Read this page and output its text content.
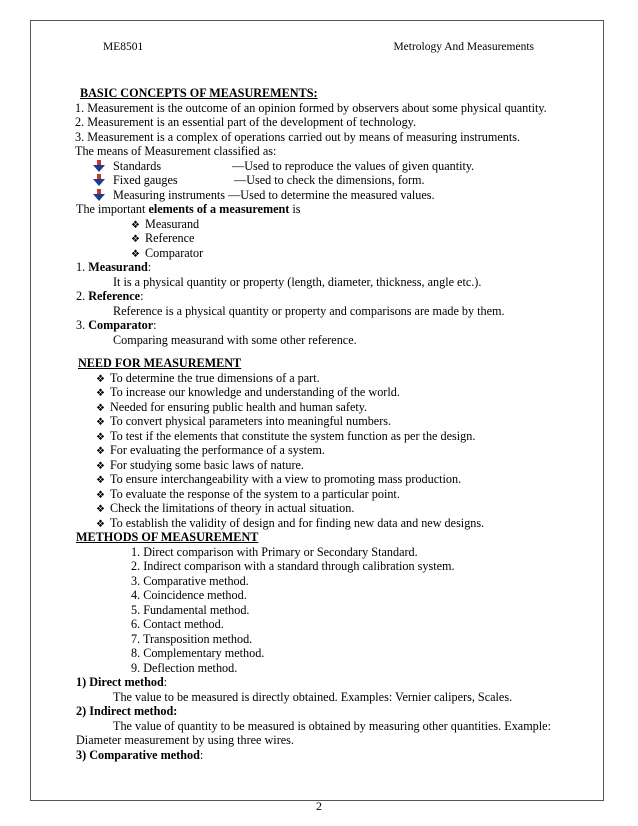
ME8501	Metrology And Measurements
BASIC CONCEPTS OF MEASUREMENTS:
1. Measurement is the outcome of an opinion formed by observers about some physical quantity.
2. Measurement is an essential part of the development of technology.
3. Measurement is a complex of operations carried out by means of measuring instruments.
The means of Measurement classified as:
Standards	—Used to reproduce the values of given quantity.
Fixed gauges	—Used to check the dimensions, form.
Measuring instruments —Used to determine the measured values.
The important elements of a measurement is
❖ Measurand
❖ Reference
❖ Comparator
1. Measurand:
It is a physical quantity or property (length, diameter, thickness, angle etc.).
2. Reference:
Reference is a physical quantity or property and comparisons are made by them.
3. Comparator:
Comparing measurand with some other reference.
NEED FOR MEASUREMENT
❖ To determine the true dimensions of a part.
❖ To increase our knowledge and understanding of the world.
❖ Needed for ensuring public health and human safety.
❖ To convert physical parameters into meaningful numbers.
❖ To test if the elements that constitute the system function as per the design.
❖ For evaluating the performance of a system.
❖ For studying some basic laws of nature.
❖ To ensure interchangeability with a view to promoting mass production.
❖ To evaluate the response of the system to a particular point.
❖ Check the limitations of theory in actual situation.
❖ To establish the validity of design and for finding new data and new designs.
METHODS OF MEASUREMENT
1. Direct comparison with Primary or Secondary Standard.
2. Indirect comparison with a standard through calibration system.
3. Comparative method.
4. Coincidence method.
5. Fundamental method.
6. Contact method.
7. Transposition method.
8. Complementary method.
9. Deflection method.
1) Direct method:
The value to be measured is directly obtained. Examples: Vernier calipers, Scales.
2) Indirect method:
The value of quantity to be measured is obtained by measuring other quantities. Example:
Diameter measurement by using three wires.
3) Comparative method:
2
